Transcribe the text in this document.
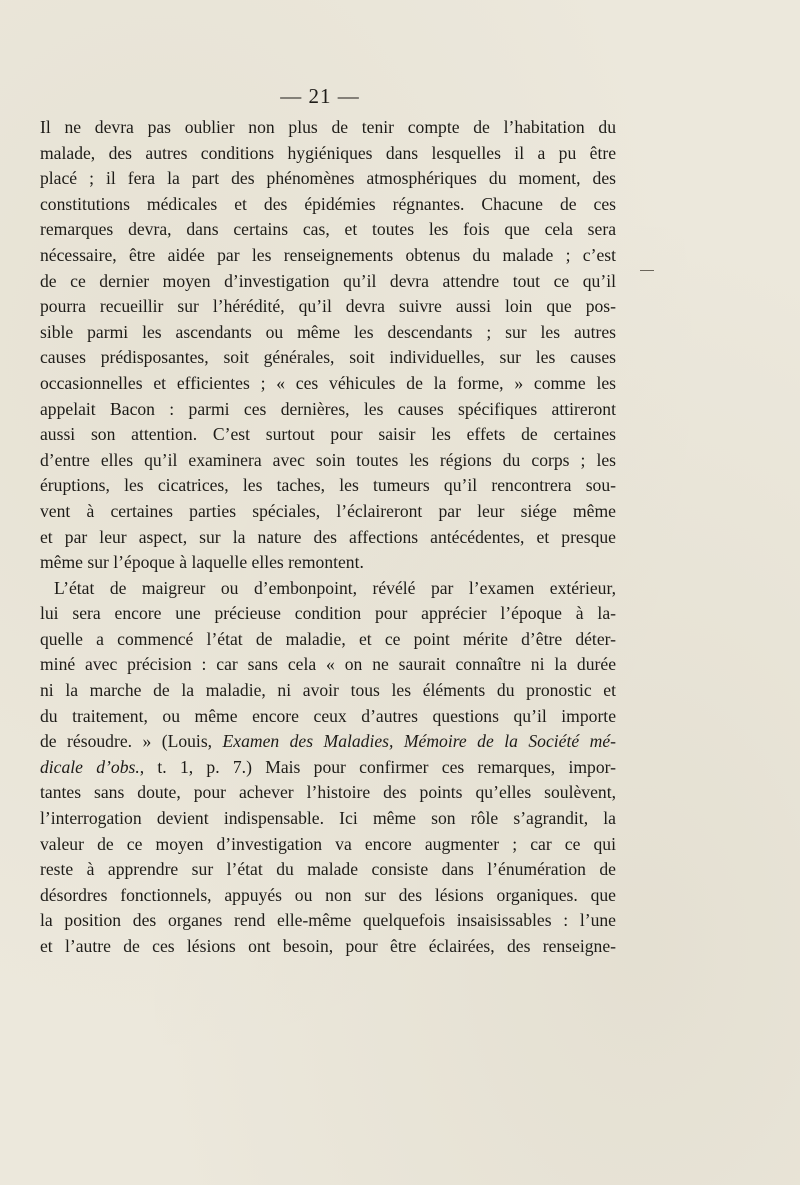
— 21 —
Il ne devra pas oublier non plus de tenir compte de l’habitation du
malade, des autres conditions hygiéniques dans lesquelles il a pu être
placé ; il fera la part des phénomènes atmosphériques du moment, des
constitutions médicales et des épidémies régnantes. Chacune de ces
remarques devra, dans certains cas, et toutes les fois que cela sera
nécessaire, être aidée par les renseignements obtenus du malade ; c’est
de ce dernier moyen d’investigation qu’il devra attendre tout ce qu’il
pourra recueillir sur l’hérédité, qu’il devra suivre aussi loin que pos-
sible parmi les ascendants ou même les descendants ; sur les autres
causes prédisposantes, soit générales, soit individuelles, sur les causes
occasionnelles et efficientes ; « ces véhicules de la forme, » comme les
appelait Bacon : parmi ces dernières, les causes spécifiques attireront
aussi son attention. C’est surtout pour saisir les effets de certaines
d’entre elles qu’il examinera avec soin toutes les régions du corps ; les
éruptions, les cicatrices, les taches, les tumeurs qu’il rencontrera sou-
vent à certaines parties spéciales, l’éclaireront par leur siége même
et par leur aspect, sur la nature des affections antécédentes, et presque
même sur l’époque à laquelle elles remontent.
L’état de maigreur ou d’embonpoint, révélé par l’examen extérieur,
lui sera encore une précieuse condition pour apprécier l’époque à la-
quelle a commencé l’état de maladie, et ce point mérite d’être déter-
miné avec précision : car sans cela « on ne saurait connaître ni la durée
ni la marche de la maladie, ni avoir tous les éléments du pronostic et
du traitement, ou même encore ceux d’autres questions qu’il importe
de résoudre. » (Louis, Examen des Maladies, Mémoire de la Société mé-
dicale d’obs., t. 1, p. 7.) Mais pour confirmer ces remarques, impor-
tantes sans doute, pour achever l’histoire des points qu’elles soulèvent,
l’interrogation devient indispensable. Ici même son rôle s’agrandit, la
valeur de ce moyen d’investigation va encore augmenter ; car ce qui
reste à apprendre sur l’état du malade consiste dans l’énumération de
désordres fonctionnels, appuyés ou non sur des lésions organiques. que
la position des organes rend elle-même quelquefois insaisissables : l’une
et l’autre de ces lésions ont besoin, pour être éclairées, des renseigne-
